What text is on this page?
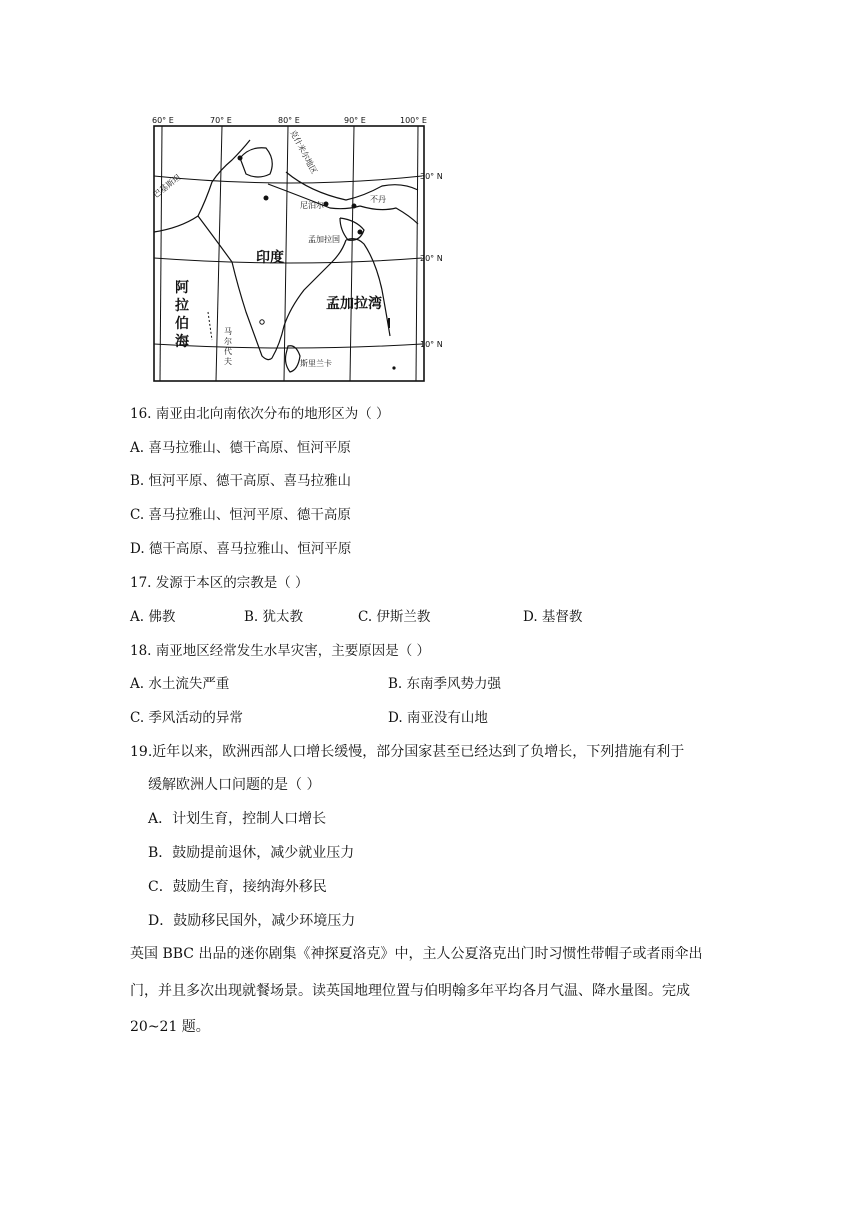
60° E	70° E	80° E	90° E	100° E
30° N
20° N
10° N
巴基斯坦
克什米尔地区
尼泊尔
不丹
孟加拉国
印度
阿
拉
伯
海
孟加拉湾
马
尔
代
夫	斯里兰卡
16. 南亚由北向南依次分布的地形区为（ ）
A. 喜马拉雅山、德干高原、恒河平原
B. 恒河平原、德干高原、喜马拉雅山
C. 喜马拉雅山、恒河平原、德干高原
D. 德干高原、喜马拉雅山、恒河平原
17. 发源于本区的宗教是（ ）
A. 佛教	B. 犹太教	C. 伊斯兰教	D. 基督教
18. 南亚地区经常发生水旱灾害，主要原因是（ ）
A. 水土流失严重	B. 东南季风势力强
C. 季风活动的异常	D. 南亚没有山地
19.近年以来，欧洲西部人口增长缓慢，部分国家甚至已经达到了负增长，下列措施有利于
缓解欧洲人口问题的是（ ）
A．计划生育，控制人口增长
B．鼓励提前退休，减少就业压力
C．鼓励生育，接纳海外移民
D．鼓励移民国外，减少环境压力
英国 BBC 出品的迷你剧集《神探夏洛克》中，主人公夏洛克出门时习惯性带帽子或者雨伞出
门，并且多次出现就餐场景。读英国地理位置与伯明翰多年平均各月气温、降水量图。完成
20~21 题。
